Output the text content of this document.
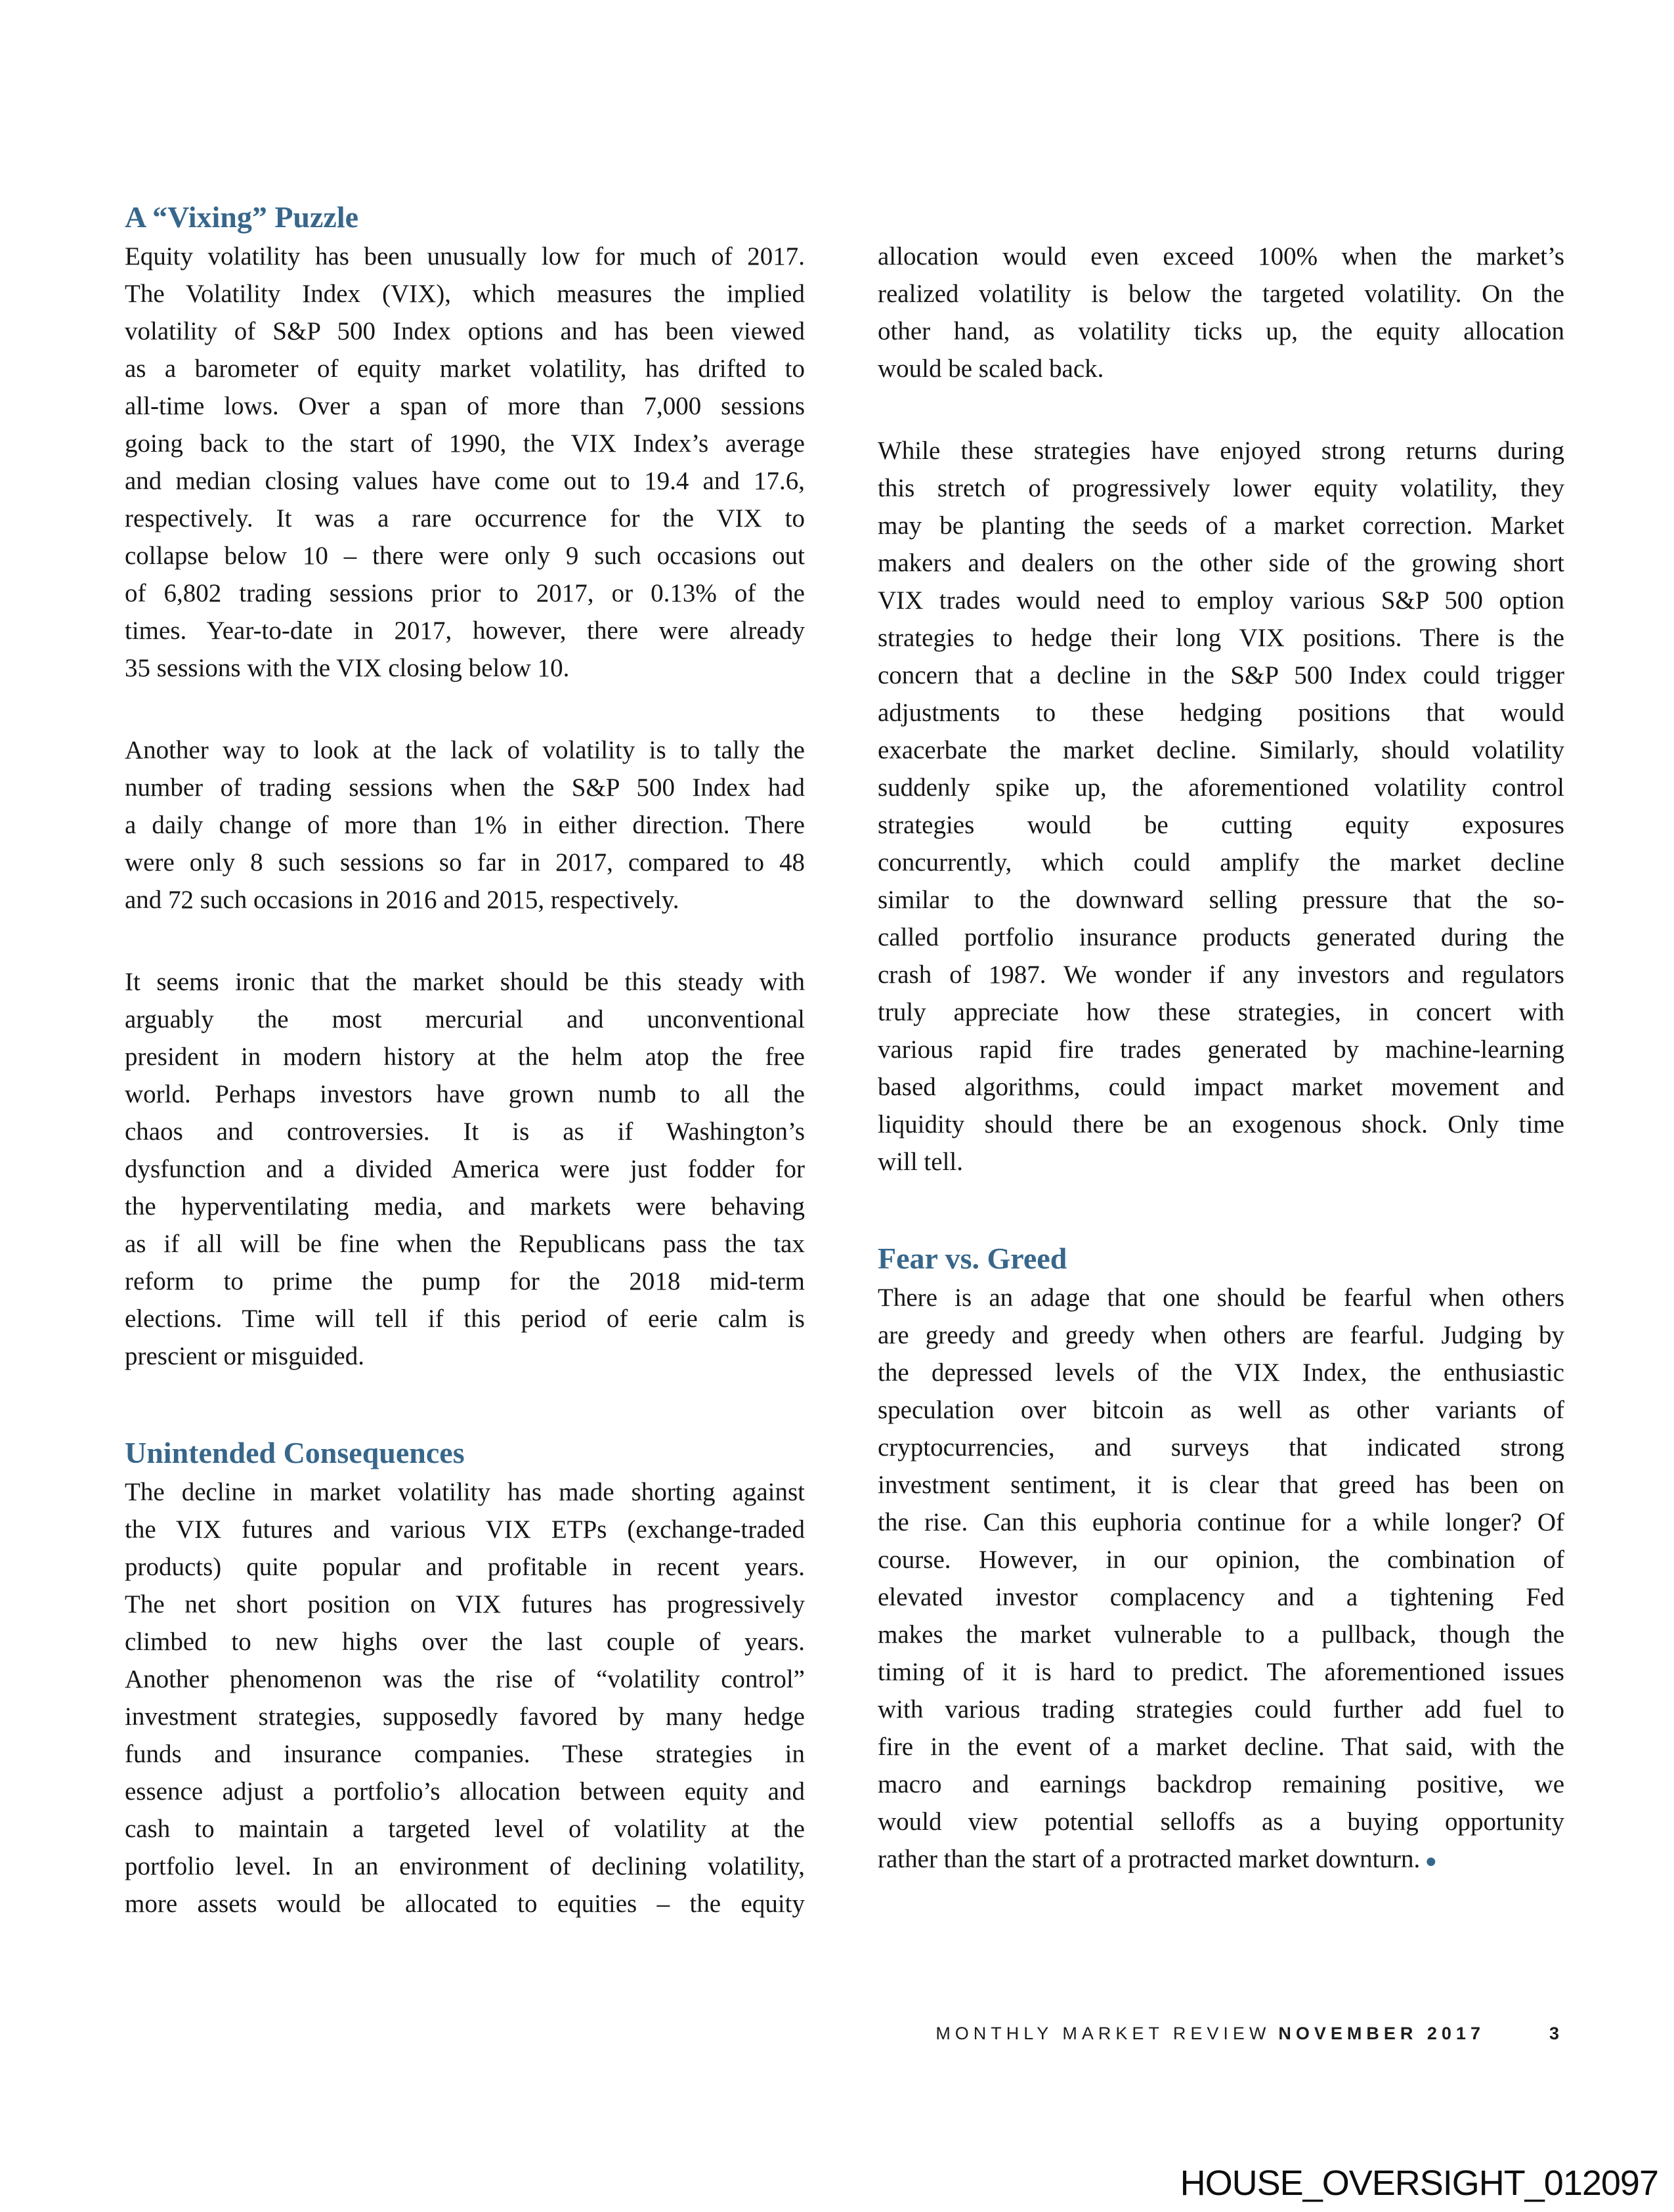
A “Vixing” Puzzle
Equity volatility has been unusually low for much of 2017.
The Volatility Index (VIX), which measures the implied
volatility of S&P 500 Index options and has been viewed
as a barometer of equity market volatility, has drifted to
all-time lows. Over a span of more than 7,000 sessions
going back to the start of 1990, the VIX Index’s average
and median closing values have come out to 19.4 and 17.6,
respectively. It was a rare occurrence for the VIX to
collapse below 10 – there were only 9 such occasions out
of 6,802 trading sessions prior to 2017, or 0.13% of the
times. Year-to-date in 2017, however, there were already
35 sessions with the VIX closing below 10.
Another way to look at the lack of volatility is to tally the
number of trading sessions when the S&P 500 Index had
a daily change of more than 1% in either direction. There
were only 8 such sessions so far in 2017, compared to 48
and 72 such occasions in 2016 and 2015, respectively.
It seems ironic that the market should be this steady with
arguably the most mercurial and unconventional
president in modern history at the helm atop the free
world. Perhaps investors have grown numb to all the
chaos and controversies. It is as if Washington’s
dysfunction and a divided America were just fodder for
the hyperventilating media, and markets were behaving
as if all will be fine when the Republicans pass the tax
reform to prime the pump for the 2018 mid-term
elections. Time will tell if this period of eerie calm is
prescient or misguided.
Unintended Consequences
The decline in market volatility has made shorting against
the VIX futures and various VIX ETPs (exchange-traded
products) quite popular and profitable in recent years.
The net short position on VIX futures has progressively
climbed to new highs over the last couple of years.
Another phenomenon was the rise of “volatility control”
investment strategies, supposedly favored by many hedge
funds and insurance companies. These strategies in
essence adjust a portfolio’s allocation between equity and
cash to maintain a targeted level of volatility at the
portfolio level. In an environment of declining volatility,
more assets would be allocated to equities – the equity
allocation would even exceed 100% when the market’s
realized volatility is below the targeted volatility. On the
other hand, as volatility ticks up, the equity allocation
would be scaled back.
While these strategies have enjoyed strong returns during
this stretch of progressively lower equity volatility, they
may be planting the seeds of a market correction. Market
makers and dealers on the other side of the growing short
VIX trades would need to employ various S&P 500 option
strategies to hedge their long VIX positions. There is the
concern that a decline in the S&P 500 Index could trigger
adjustments to these hedging positions that would
exacerbate the market decline. Similarly, should volatility
suddenly spike up, the aforementioned volatility control
strategies would be cutting equity exposures
concurrently, which could amplify the market decline
similar to the downward selling pressure that the so-
called portfolio insurance products generated during the
crash of 1987. We wonder if any investors and regulators
truly appreciate how these strategies, in concert with
various rapid fire trades generated by machine-learning
based algorithms, could impact market movement and
liquidity should there be an exogenous shock. Only time
will tell.
Fear vs. Greed
There is an adage that one should be fearful when others
are greedy and greedy when others are fearful. Judging by
the depressed levels of the VIX Index, the enthusiastic
speculation over bitcoin as well as other variants of
cryptocurrencies, and surveys that indicated strong
investment sentiment, it is clear that greed has been on
the rise. Can this euphoria continue for a while longer? Of
course. However, in our opinion, the combination of
elevated investor complacency and a tightening Fed
makes the market vulnerable to a pullback, though the
timing of it is hard to predict. The aforementioned issues
with various trading strategies could further add fuel to
fire in the event of a market decline. That said, with the
macro and earnings backdrop remaining positive, we
would view potential selloffs as a buying opportunity
rather than the start of a protracted market downturn. ●
MONTHLY MARKET REVIEW NOVEMBER 2017	3
HOUSE_OVERSIGHT_012097
